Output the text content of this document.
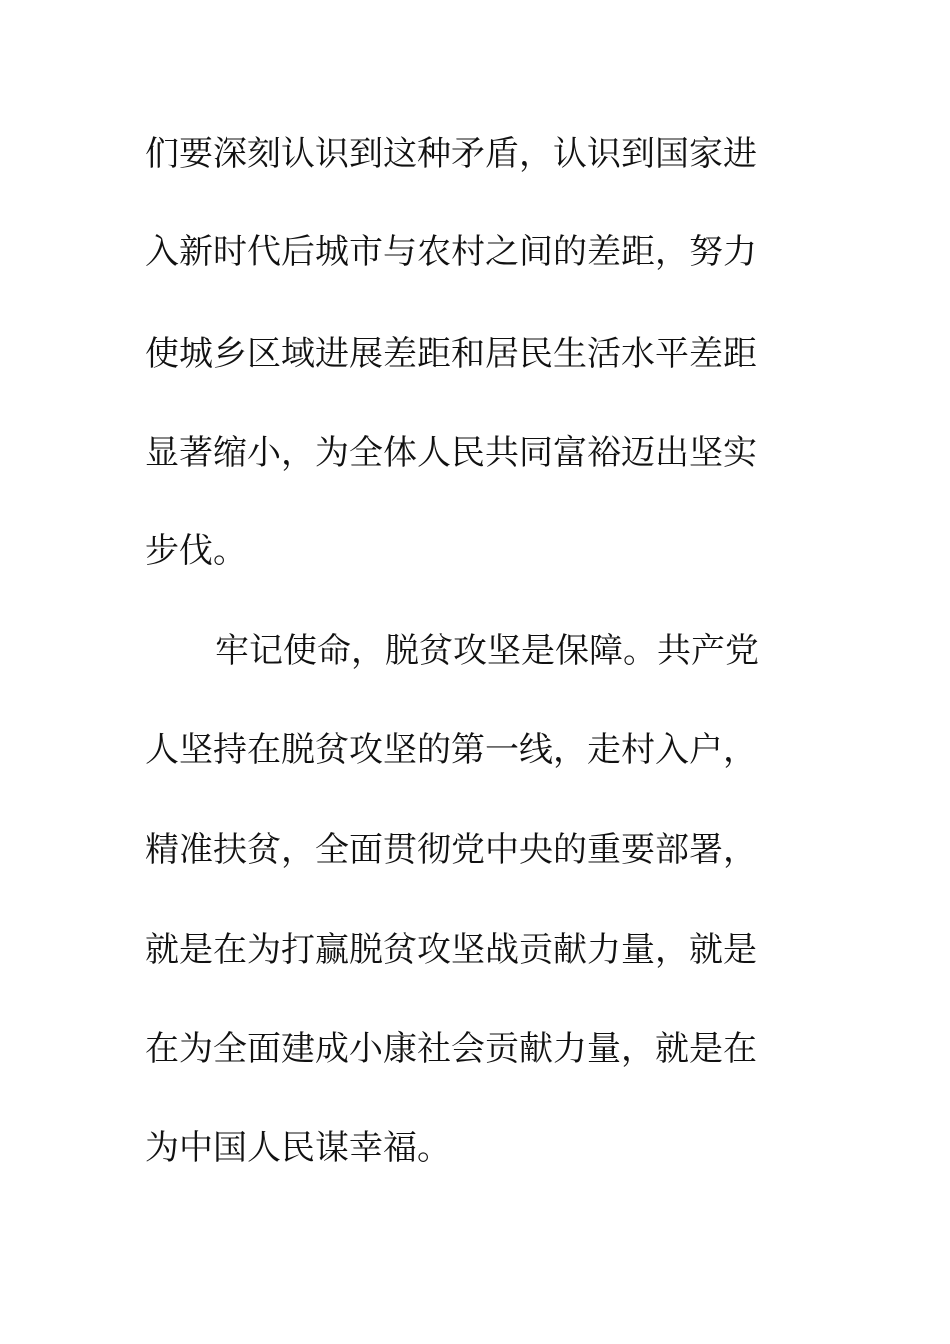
们要深刻认识到这种矛盾，认识到国家进
入新时代后城市与农村之间的差距，努力
使城乡区域进展差距和居民生活水平差距
显著缩小，为全体人民共同富裕迈出坚实
步伐。
牢记使命，脱贫攻坚是保障。共产党
人坚持在脱贫攻坚的第一线，走村入户，
精准扶贫，全面贯彻党中央的重要部署，
就是在为打赢脱贫攻坚战贡献力量，就是
在为全面建成小康社会贡献力量，就是在
为中国人民谋幸福。
